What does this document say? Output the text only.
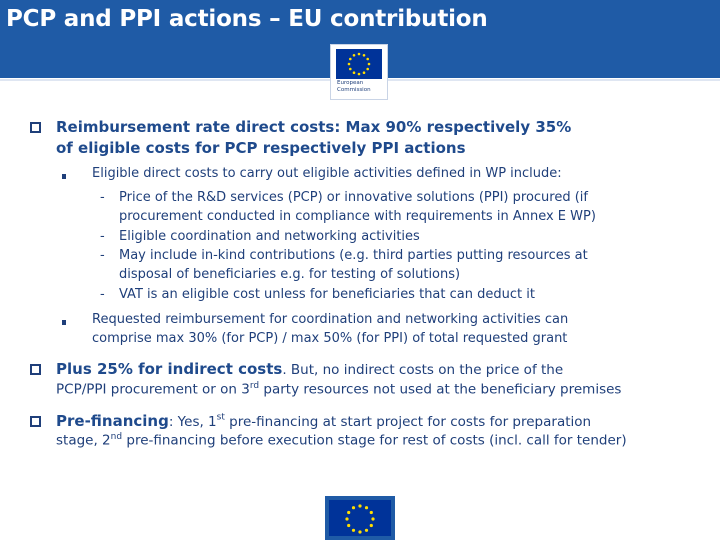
PCP and PPI actions – EU contribution
European
Commission
Reimbursement rate direct costs: Max 90% respectively 35%
of eligible costs for PCP respectively PPI actions
Eligible direct costs to carry out eligible activities defined in WP include:
- Price of the R&D services (PCP) or innovative solutions (PPI) procured (if
procurement conducted in compliance with requirements in Annex E WP)
- Eligible coordination and networking activities
- May include in-kind contributions (e.g. third parties putting resources at
disposal of beneficiaries e.g. for testing of solutions)
- VAT is an eligible cost unless for beneficiaries that can deduct it
Requested reimbursement for coordination and networking activities can
comprise max 30% (for PCP) / max 50% (for PPI) of total requested grant
Plus 25% for indirect costs. But, no indirect costs on the price of the
PCP/PPI procurement or on 3rd party resources not used at the beneficiary premises
Pre-financing: Yes, 1st pre-financing at start project for costs for preparation
stage, 2nd pre-financing before execution stage for rest of costs (incl. call for tender)
